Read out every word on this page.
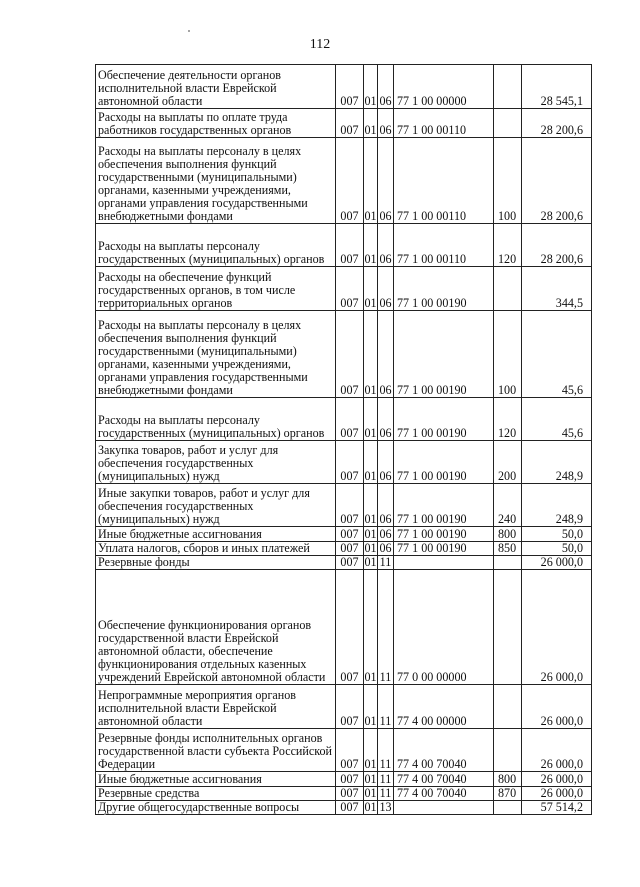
112
Обеспечение деятельности органов исполнительной власти Еврейской автономной области	007	01	06	77 1 00 00000		28 545,1
Расходы на выплаты по оплате труда работников государственных органов	007	01	06	77 1 00 00110		28 200,6
Расходы на выплаты персоналу в целях обеспечения выполнения функций государственными (муниципальными) органами, казенными учреждениями, органами управления государственными внебюджетными фондами	007	01	06	77 1 00 00110	100	28 200,6
Расходы на выплаты персоналу государственных (муниципальных) органов	007	01	06	77 1 00 00110	120	28 200,6
Расходы на обеспечение функций государственных органов, в том числе территориальных органов	007	01	06	77 1 00 00190		344,5
Расходы на выплаты персоналу в целях обеспечения выполнения функций государственными (муниципальными) органами, казенными учреждениями, органами управления государственными внебюджетными фондами	007	01	06	77 1 00 00190	100	45,6
Расходы на выплаты персоналу государственных (муниципальных) органов	007	01	06	77 1 00 00190	120	45,6
Закупка товаров, работ и услуг для обеспечения государственных (муниципальных) нужд	007	01	06	77 1 00 00190	200	248,9
Иные закупки товаров, работ и услуг для обеспечения государственных (муниципальных) нужд	007	01	06	77 1 00 00190	240	248,9
Иные бюджетные ассигнования	007	01	06	77 1 00 00190	800	50,0
Уплата налогов, сборов и иных платежей	007	01	06	77 1 00 00190	850	50,0
Резервные фонды	007	01	11			26 000,0
Обеспечение функционирования органов государственной власти Еврейской автономной области, обеспечение функционирования отдельных казенных учреждений Еврейской автономной области	007	01	11	77 0 00 00000		26 000,0
Непрограммные мероприятия органов исполнительной власти Еврейской автономной области	007	01	11	77 4 00 00000		26 000,0
Резервные фонды исполнительных органов государственной власти субъекта Российской Федерации	007	01	11	77 4 00 70040		26 000,0
Иные бюджетные ассигнования	007	01	11	77 4 00 70040	800	26 000,0
Резервные средства	007	01	11	77 4 00 70040	870	26 000,0
Другие общегосударственные вопросы	007	01	13			57 514,2
